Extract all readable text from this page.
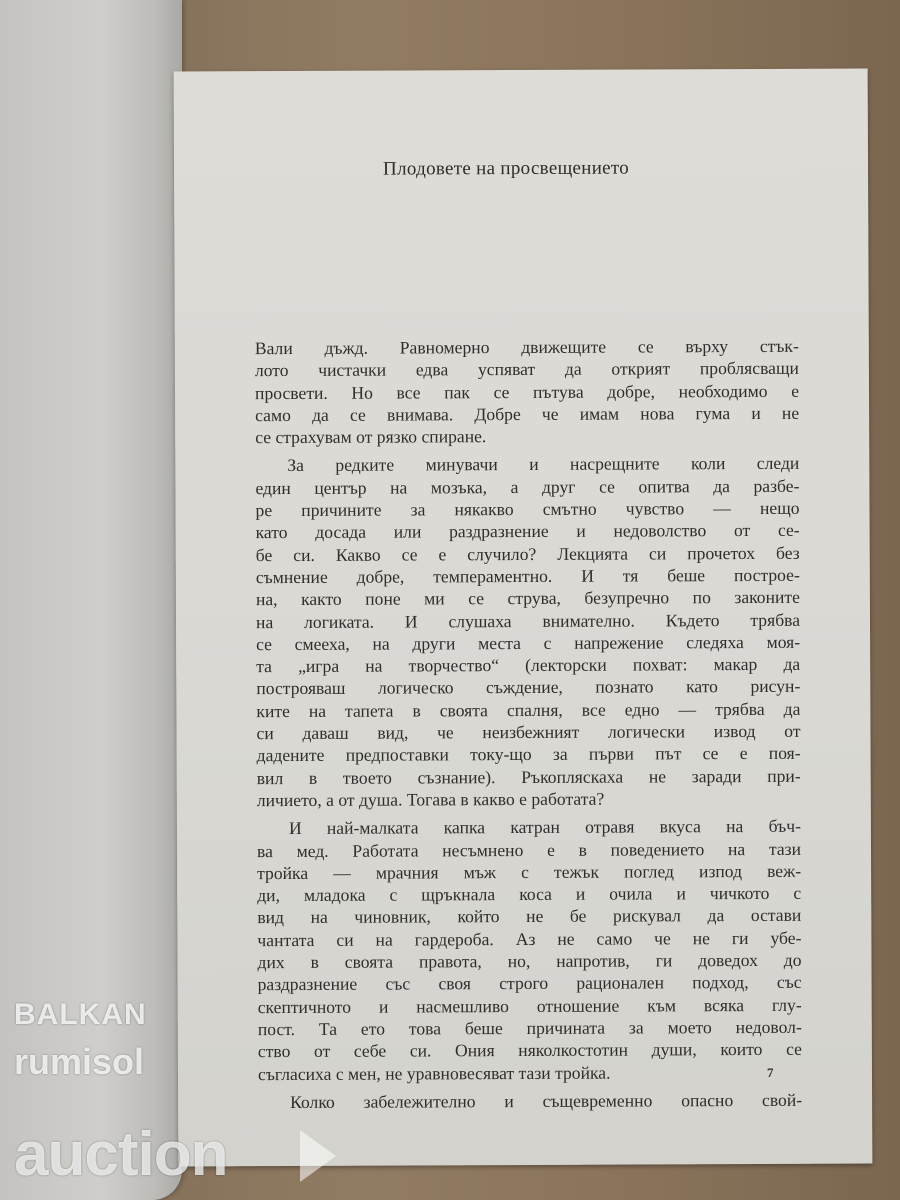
Плодовете на просвещението
Вали дъжд. Равномерно движещите се върху стък-
лото чистачки едва успяват да открият проблясващи
просвети. Но все пак се пътува добре, необходимо е
само да се внимава. Добре че имам нова гума и не
се страхувам от рязко спиране.
За редките минувачи и насрещните коли следи
един център на мозъка, а друг се опитва да разбе-
ре причините за някакво смътно чувство — нещо
като досада или раздразнение и недоволство от се-
бе си. Какво се е случило? Лекцията си прочетох без
съмнение добре, темпераментно. И тя беше построе-
на, както поне ми се струва, безупречно по законите
на логиката. И слушаха внимателно. Където трябва
се смееха, на други места с напрежение следяха моя-
та „игра на творчество“ (лекторски похват: макар да
построяваш логическо съждение, познато като рисун-
ките на тапета в своята спалня, все едно — трябва да
си даваш вид, че неизбежният логически извод от
дадените предпоставки току-що за първи път се е поя-
вил в твоето съзнание). Ръкопляскаха не заради при-
личието, а от душа. Тогава в какво е работата?
И най-малката капка катран отравя вкуса на бъч-
ва мед. Работата несъмнено е в поведението на тази
тройка — мрачния мъж с тежък поглед изпод веж-
ди, младока с щръкнала коса и очила и чичкото с
вид на чиновник, който не бе рискувал да остави
чантата си на гардероба. Аз не само че не ги убе-
дих в своята правота, но, напротив, ги доведох до
раздразнение със своя строго рационален подход, със
скептичното и насмешливо отношение към всяка глу-
пост. Та ето това беше причината за моето недовол-
ство от себе си. Ония няколкостотин души, които се
съгласиха с мен, не уравновесяват тази тройка.
Колко забележително и същевременно опасно свой-
7
BALKAN
rumisol
auction
